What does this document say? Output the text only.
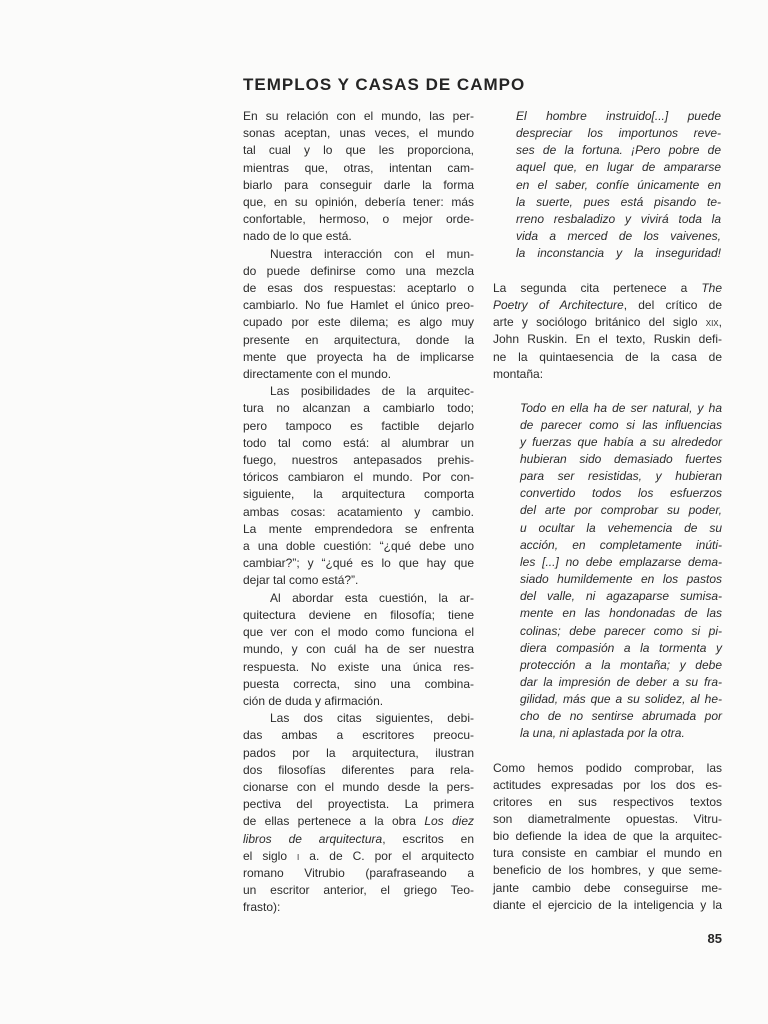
TEMPLOS Y CASAS DE CAMPO
En su relación con el mundo, las per-
sonas aceptan, unas veces, el mundo
tal cual y lo que les proporciona,
mientras que, otras, intentan cam-
biarlo para conseguir darle la forma
que, en su opinión, debería tener: más
confortable, hermoso, o mejor orde-
nado de lo que está.
Nuestra interacción con el mun-
do puede definirse como una mezcla
de esas dos respuestas: aceptarlo o
cambiarlo. No fue Hamlet el único preo-
cupado por este dilema; es algo muy
presente en arquitectura, donde la
mente que proyecta ha de implicarse
directamente con el mundo.
Las posibilidades de la arquitec-
tura no alcanzan a cambiarlo todo;
pero tampoco es factible dejarlo
todo tal como está: al alumbrar un
fuego, nuestros antepasados prehis-
tóricos cambiaron el mundo. Por con-
siguiente, la arquitectura comporta
ambas cosas: acatamiento y cambio.
La mente emprendedora se enfrenta
a una doble cuestión: “¿qué debe uno
cambiar?”; y “¿qué es lo que hay que
dejar tal como está?”.
Al abordar esta cuestión, la ar-
quitectura deviene en filosofía; tiene
que ver con el modo como funciona el
mundo, y con cuál ha de ser nuestra
respuesta. No existe una única res-
puesta correcta, sino una combina-
ción de duda y afirmación.
Las dos citas siguientes, debi-
das ambas a escritores preocu-
pados por la arquitectura, ilustran
dos filosofías diferentes para rela-
cionarse con el mundo desde la pers-
pectiva del proyectista. La primera
de ellas pertenece a la obra Los diez
libros de arquitectura, escritos en
el siglo i a. de C. por el arquitecto
romano Vitrubio (parafraseando a
un escritor anterior, el griego Teo-
frasto):
El hombre instruido[...] puede
despreciar los importunos reve-
ses de la fortuna. ¡Pero pobre de
aquel que, en lugar de ampararse
en el saber, confíe únicamente en
la suerte, pues está pisando te-
rreno resbaladizo y vivirá toda la
vida a merced de los vaivenes,
la inconstancia y la inseguridad!
La segunda cita pertenece a The
Poetry of Architecture, del crítico de
arte y sociólogo británico del siglo xix,
John Ruskin. En el texto, Ruskin defi-
ne la quintaesencia de la casa de
montaña:
Todo en ella ha de ser natural, y ha
de parecer como si las influencias
y fuerzas que había a su alrededor
hubieran sido demasiado fuertes
para ser resistidas, y hubieran
convertido todos los esfuerzos
del arte por comprobar su poder,
u ocultar la vehemencia de su
acción, en completamente inúti-
les [...] no debe emplazarse dema-
siado humildemente en los pastos
del valle, ni agazaparse sumisa-
mente en las hondonadas de las
colinas; debe parecer como si pi-
diera compasión a la tormenta y
protección a la montaña; y debe
dar la impresión de deber a su fra-
gilidad, más que a su solidez, al he-
cho de no sentirse abrumada por
la una, ni aplastada por la otra.
Como hemos podido comprobar, las
actitudes expresadas por los dos es-
critores en sus respectivos textos
son diametralmente opuestas. Vitru-
bio defiende la idea de que la arquitec-
tura consiste en cambiar el mundo en
beneficio de los hombres, y que seme-
jante cambio debe conseguirse me-
diante el ejercicio de la inteligencia y la
85
